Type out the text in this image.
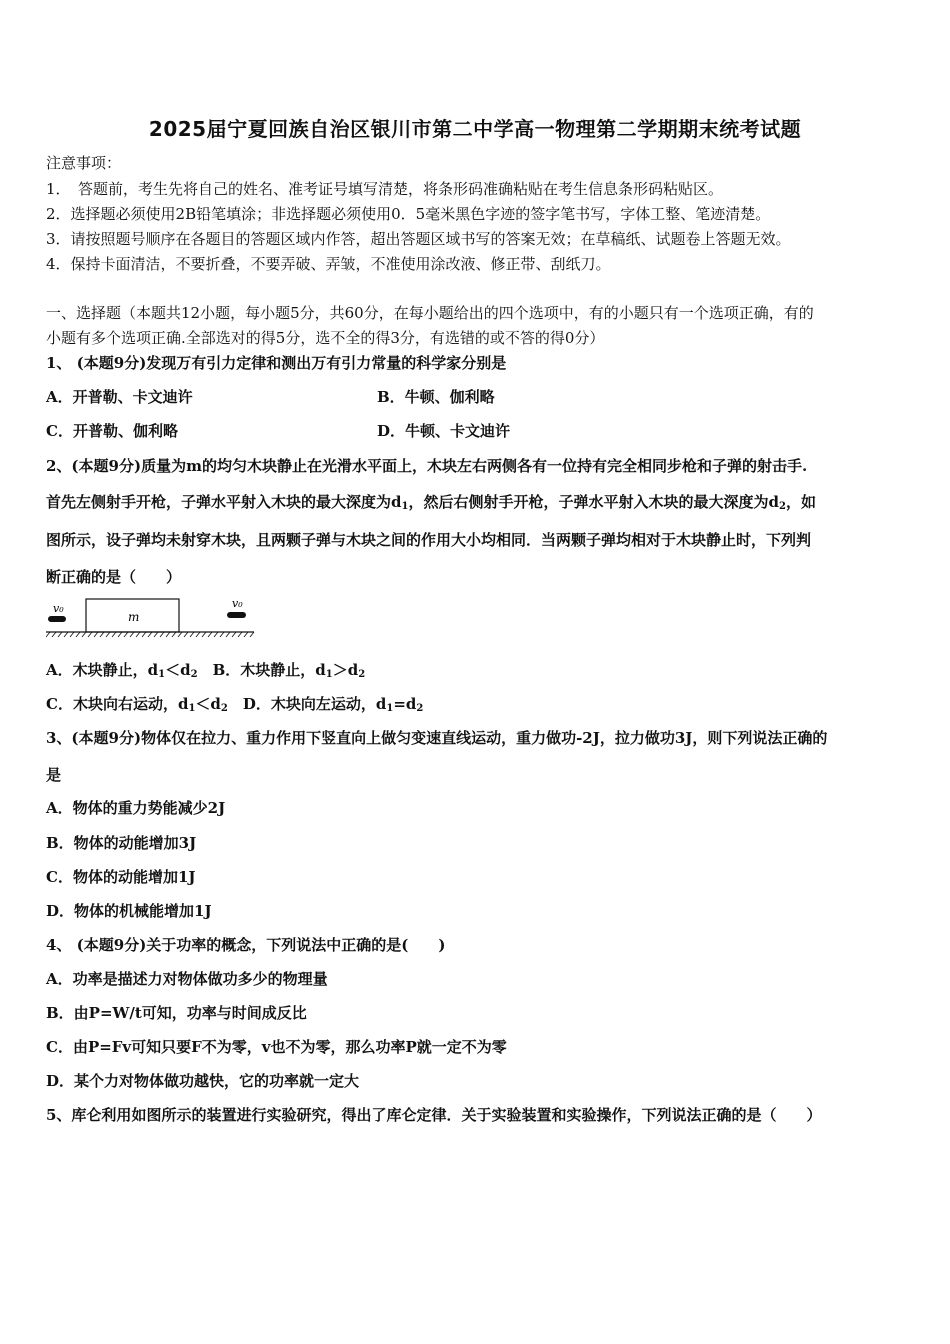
2025届宁夏回族自治区银川市第二中学高一物理第二学期期末统考试题
注意事项：
1．　答题前，考生先将自己的姓名、准考证号填写清楚，将条形码准确粘贴在考生信息条形码粘贴区。
2．选择题必须使用2B铅笔填涂；非选择题必须使用0．5毫米黑色字迹的签字笔书写，字体工整、笔迹清楚。
3．请按照题号顺序在各题目的答题区域内作答，超出答题区域书写的答案无效；在草稿纸、试题卷上答题无效。
4．保持卡面清洁，不要折叠，不要弄破、弄皱，不准使用涂改液、修正带、刮纸刀。
一、选择题（本题共12小题，每小题5分，共60分，在每小题给出的四个选项中，有的小题只有一个选项正确，有的
小题有多个选项正确.全部选对的得5分，选不全的得3分，有选错的或不答的得0分）
1、 (本题9分)发现万有引力定律和测出万有引力常量的科学家分别是
A．开普勒、卡文迪许	B．牛顿、伽利略
C．开普勒、伽利略	D．牛顿、卡文迪许
2、(本题9分)质量为m的均匀木块静止在光滑水平面上，木块左右两侧各有一位持有完全相同步枪和子弹的射击手.
首先左侧射手开枪，子弹水平射入木块的最大深度为$d_1$，然后右侧射手开枪，子弹水平射入木块的最大深度为$d_2$，如
图所示，设子弹均未射穿木块，且两颗子弹与木块之间的作用大小均相同．当两颗子弹均相对于木块静止时，下列判
断正确的是（　　）
v₀
m
v₀
A．木块静止，$d_1<d_2$　B．木块静止，$d_1>d_2$
C．木块向右运动，$d_1<d_2$　D．木块向左运动，$d_1=d_2$
3、(本题9分)物体仅在拉力、重力作用下竖直向上做匀变速直线运动，重力做功-2J，拉力做功3J，则下列说法正确的
是
A．物体的重力势能减少2J
B．物体的动能增加3J
C．物体的动能增加1J
D．物体的机械能增加1J
4、 (本题9分)关于功率的概念，下列说法中正确的是(　　)
A．功率是描述力对物体做功多少的物理量
B．由P=W/t可知，功率与时间成反比
C．由P=Fv可知只要F不为零，v也不为零，那么功率P就一定不为零
D．某个力对物体做功越快，它的功率就一定大
5、库仑利用如图所示的装置进行实验研究，得出了库仑定律．关于实验装置和实验操作，下列说法正确的是（　　）
